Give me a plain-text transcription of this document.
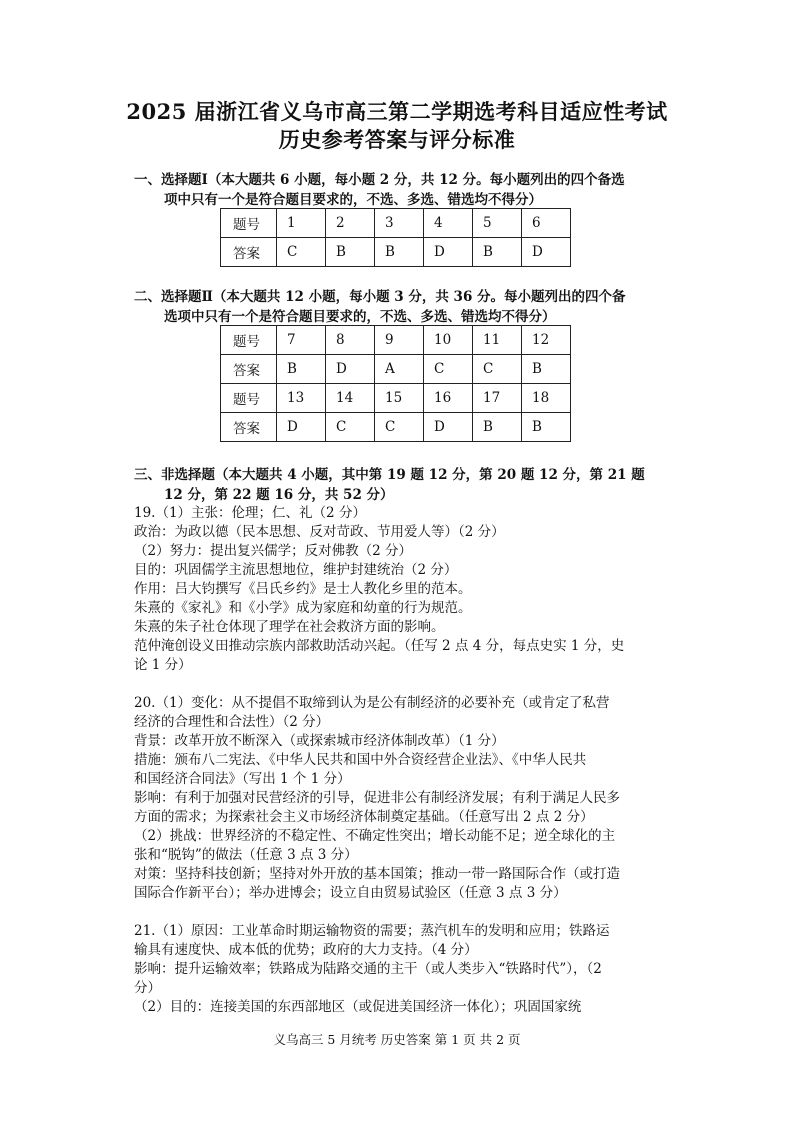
2025 届浙江省义乌市高三第二学期选考科目适应性考试
历史参考答案与评分标准
一、选择题Ⅰ（本大题共 6 小题，每小题 2 分，共 12 分。每小题列出的四个备选
项中只有一个是符合题目要求的，不选、多选、错选均不得分）
题号	1	2	3	4	5	6
答案	C	B	B	D	B	D
二、选择题Ⅱ（本大题共 12 小题，每小题 3 分，共 36 分。每小题列出的四个备
选项中只有一个是符合题目要求的，不选、多选、错选均不得分）
题号	7	8	9	10	11	12
答案	B	D	A	C	C	B
题号	13	14	15	16	17	18
答案	D	C	C	D	B	B
三、非选择题（本大题共 4 小题，其中第 19 题 12 分，第 20 题 12 分，第 21 题
12 分，第 22 题 16 分，共 52 分）

19.（1）主张：伦理；仁、礼（2 分）

政治：为政以德（民本思想、反对苛政、节用爱人等）（2 分）

（2）努力：提出复兴儒学；反对佛教（2 分）

目的：巩固儒学主流思想地位，维护封建统治（2 分）

作用：吕大钧撰写《吕氏乡约》是士人教化乡里的范本。

朱熹的《家礼》和《小学》成为家庭和幼童的行为规范。

朱熹的朱子社仓体现了理学在社会救济方面的影响。

范仲淹创设义田推动宗族内部救助活动兴起。（任写 2 点 4 分，每点史实 1 分，史

论 1 分）

20.（1）变化：从不提倡不取缔到认为是公有制经济的必要补充（或肯定了私营

经济的合理性和合法性）（2 分）

背景：改革开放不断深入（或探索城市经济体制改革）（1 分）

措施：颁布八二宪法、《中华人民共和国中外合资经营企业法》、《中华人民共

和国经济合同法》（写出 1 个 1 分）

影响：有利于加强对民营经济的引导，促进非公有制经济发展；有利于满足人民多

方面的需求；为探索社会主义市场经济体制奠定基础。（任意写出 2 点 2 分）

（2）挑战：世界经济的不稳定性、不确定性突出；增长动能不足；逆全球化的主

张和“脱钩”的做法（任意 3 点 3 分）

对策：坚持科技创新；坚持对外开放的基本国策；推动一带一路国际合作（或打造

国际合作新平台）；举办进博会；设立自由贸易试验区（任意 3 点 3 分）

21.（1）原因：工业革命时期运输物资的需要；蒸汽机车的发明和应用；铁路运

输具有速度快、成本低的优势；政府的大力支持。（4 分）

影响：提升运输效率；铁路成为陆路交通的主干（或人类步入“铁路时代”），（2

分）

（2）目的：连接美国的东西部地区（或促进美国经济一体化）；巩固国家统

义乌高三 5 月统考 历史答案 第 1 页 共 2 页
